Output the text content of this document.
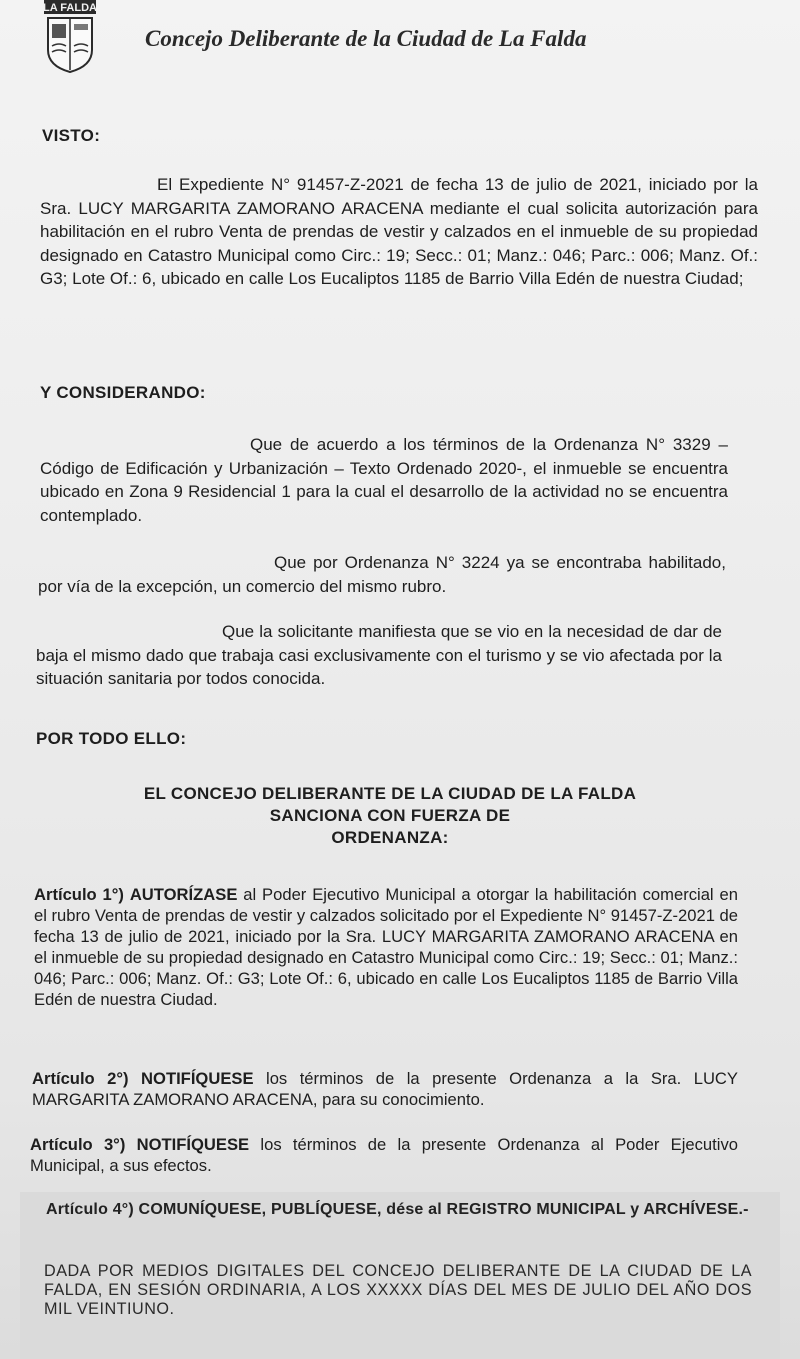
LA FALDA
Concejo Deliberante de la Ciudad de La Falda
VISTO:
El Expediente N° 91457-Z-2021 de fecha 13 de julio de 2021, iniciado por la Sra. LUCY MARGARITA ZAMORANO ARACENA mediante el cual solicita autorización para habilitación en el rubro Venta de prendas de vestir y calzados en el inmueble de su propiedad designado en Catastro Municipal como Circ.: 19; Secc.: 01; Manz.: 046; Parc.: 006; Manz. Of.: G3; Lote Of.: 6, ubicado en calle Los Eucaliptos 1185 de Barrio Villa Edén de nuestra Ciudad;
Y CONSIDERANDO:
Que de acuerdo a los términos de la Ordenanza N° 3329 – Código de Edificación y Urbanización – Texto Ordenado 2020-, el inmueble se encuentra ubicado en Zona 9 Residencial 1 para la cual el desarrollo de la actividad no se encuentra contemplado.
Que por Ordenanza N° 3224 ya se encontraba habilitado, por vía de la excepción, un comercio del mismo rubro.
Que la solicitante manifiesta que se vio en la necesidad de dar de baja el mismo dado que trabaja casi exclusivamente con el turismo y se vio afectada por la situación sanitaria por todos conocida.
POR TODO ELLO:
EL CONCEJO DELIBERANTE DE LA CIUDAD DE LA FALDA
SANCIONA CON FUERZA DE
ORDENANZA:
Artículo 1°) AUTORÍZASE al Poder Ejecutivo Municipal a otorgar la habilitación comercial en el rubro Venta de prendas de vestir y calzados solicitado por el Expediente N° 91457-Z-2021 de fecha 13 de julio de 2021, iniciado por la Sra. LUCY MARGARITA ZAMORANO ARACENA en el inmueble de su propiedad designado en Catastro Municipal como Circ.: 19; Secc.: 01; Manz.: 046; Parc.: 006; Manz. Of.: G3; Lote Of.: 6, ubicado en calle Los Eucaliptos 1185 de Barrio Villa Edén de nuestra Ciudad.
Artículo 2°) NOTIFÍQUESE los términos de la presente Ordenanza a la Sra. LUCY MARGARITA ZAMORANO ARACENA, para su conocimiento.
Artículo 3°) NOTIFÍQUESE los términos de la presente Ordenanza al Poder Ejecutivo Municipal, a sus efectos.
Artículo 4°) COMUNÍQUESE, PUBLÍQUESE, dése al REGISTRO MUNICIPAL y ARCHÍVESE.-
DADA POR MEDIOS DIGITALES DEL CONCEJO DELIBERANTE DE LA CIUDAD DE LA FALDA, EN SESIÓN ORDINARIA, A LOS XXXXX DÍAS DEL MES DE JULIO DEL AÑO DOS MIL VEINTIUNO.
